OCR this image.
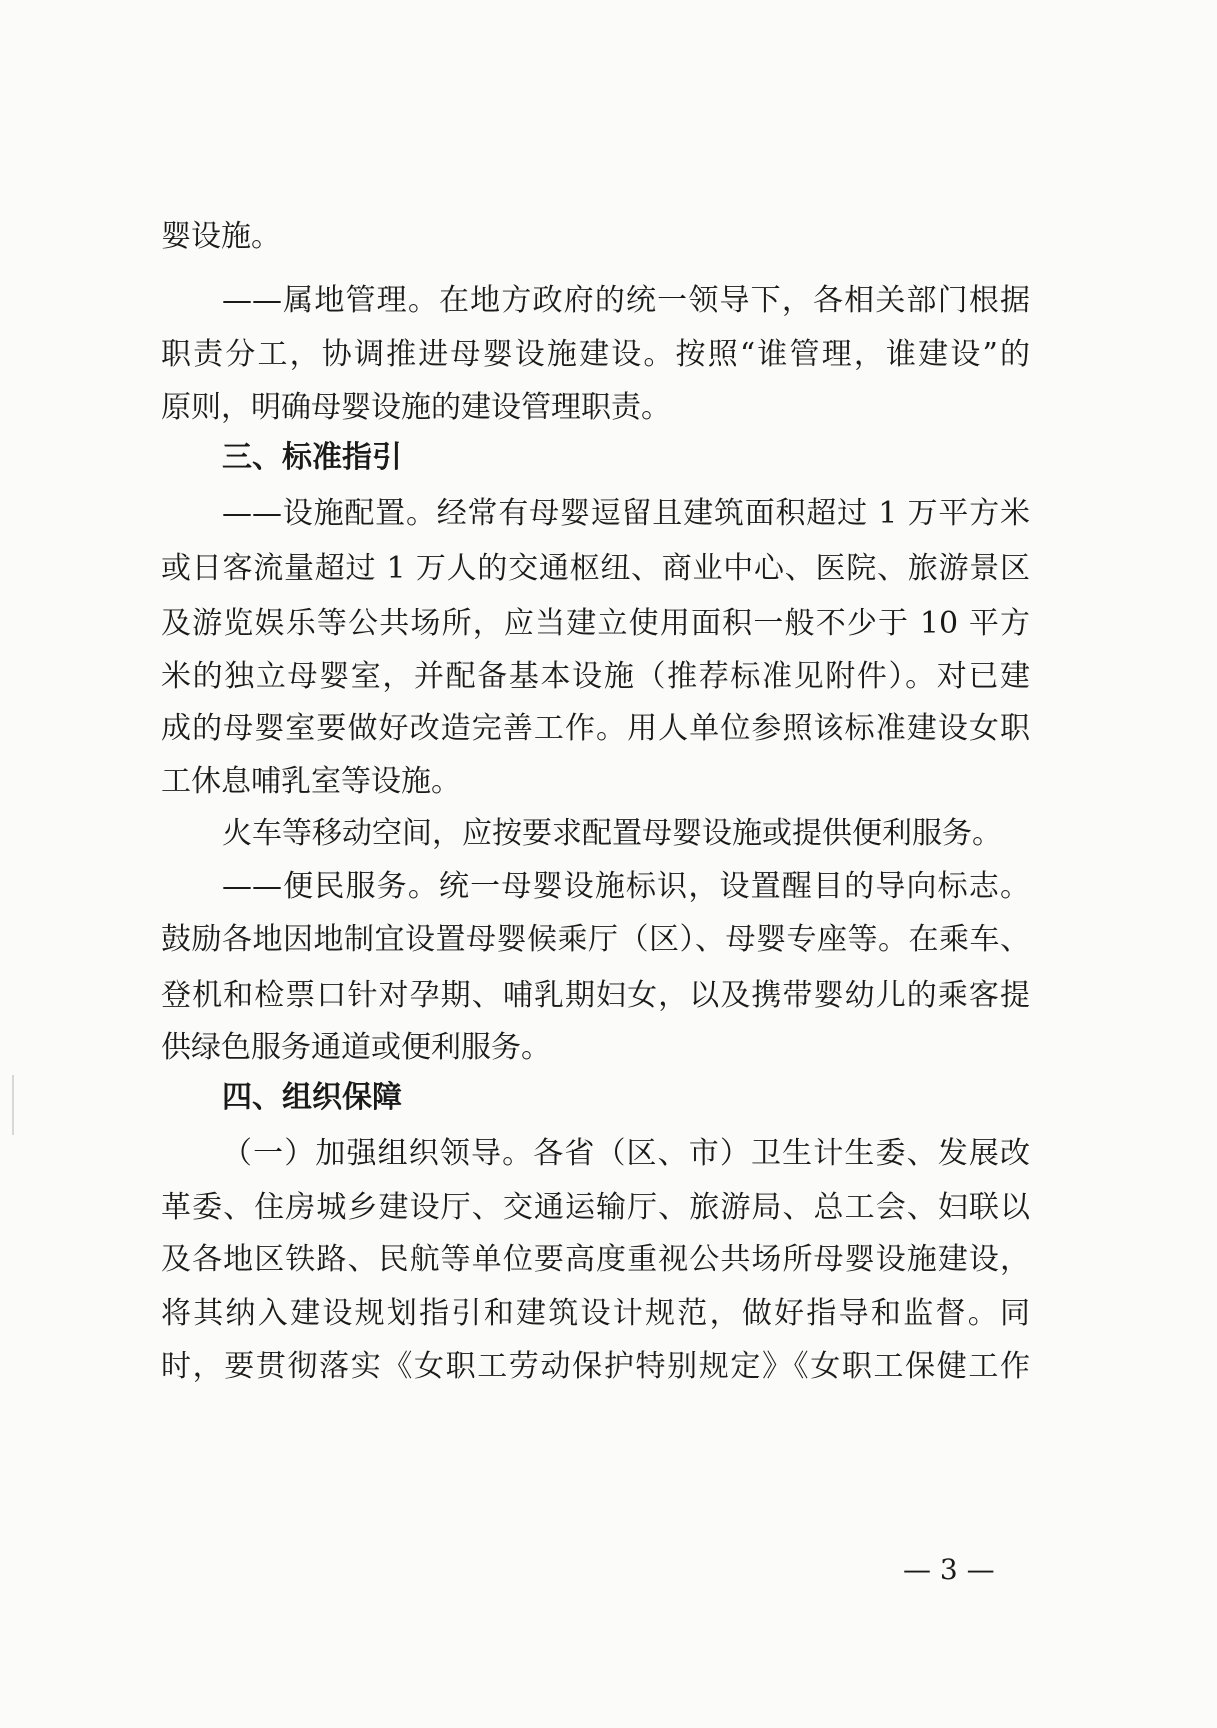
婴设施。
——属地管理。在地方政府的统一领导下，各相关部门根据
职责分工，协调推进母婴设施建设。按照“谁管理，谁建设”的
原则，明确母婴设施的建设管理职责。
三、标准指引
——设施配置。经常有母婴逗留且建筑面积超过 1 万平方米
或日客流量超过 1 万人的交通枢纽、商业中心、医院、旅游景区
及游览娱乐等公共场所，应当建立使用面积一般不少于 10 平方
米的独立母婴室，并配备基本设施（推荐标准见附件）。对已建
成的母婴室要做好改造完善工作。用人单位参照该标准建设女职
工休息哺乳室等设施。
火车等移动空间，应按要求配置母婴设施或提供便利服务。
——便民服务。统一母婴设施标识，设置醒目的导向标志。
鼓励各地因地制宜设置母婴候乘厅（区）、母婴专座等。在乘车、
登机和检票口针对孕期、哺乳期妇女，以及携带婴幼儿的乘客提
供绿色服务通道或便利服务。
四、组织保障
（一）加强组织领导。各省（区、市）卫生计生委、发展改
革委、住房城乡建设厅、交通运输厅、旅游局、总工会、妇联以
及各地区铁路、民航等单位要高度重视公共场所母婴设施建设，
将其纳入建设规划指引和建筑设计规范，做好指导和监督。同
时，要贯彻落实《女职工劳动保护特别规定》《女职工保健工作
— 3 —
